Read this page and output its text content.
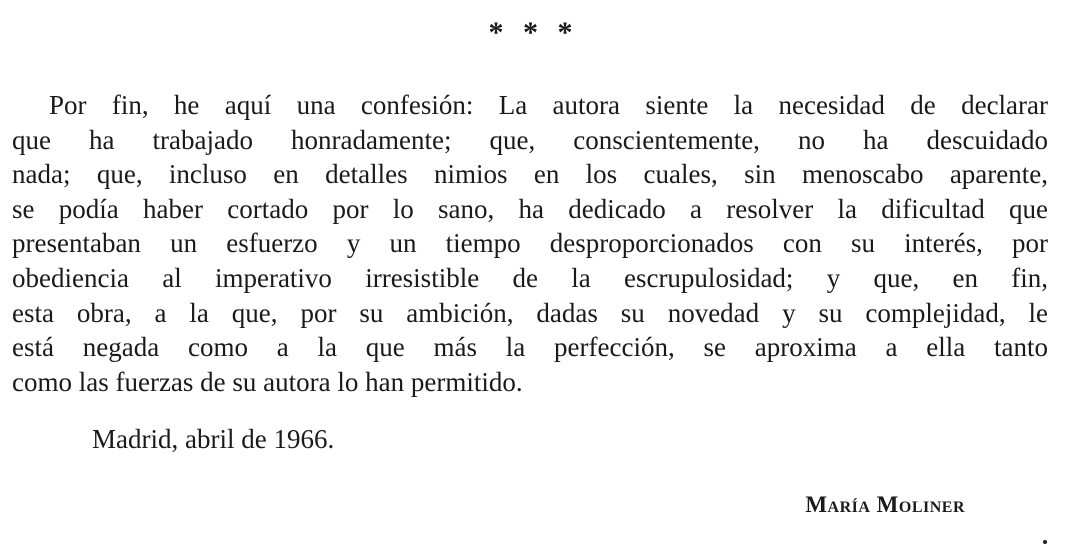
* * *
Por fin, he aquí una confesión: La autora siente la necesidad de declarar
que ha trabajado honradamente; que, conscientemente, no ha descuidado
nada; que, incluso en detalles nimios en los cuales, sin menoscabo aparente,
se podía haber cortado por lo sano, ha dedicado a resolver la dificultad que
presentaban un esfuerzo y un tiempo desproporcionados con su interés, por
obediencia al imperativo irresistible de la escrupulosidad; y que, en fin,
esta obra, a la que, por su ambición, dadas su novedad y su complejidad, le
está negada como a la que más la perfección, se aproxima a ella tanto
como las fuerzas de su autora lo han permitido.
Madrid, abril de 1966.
María Moliner
